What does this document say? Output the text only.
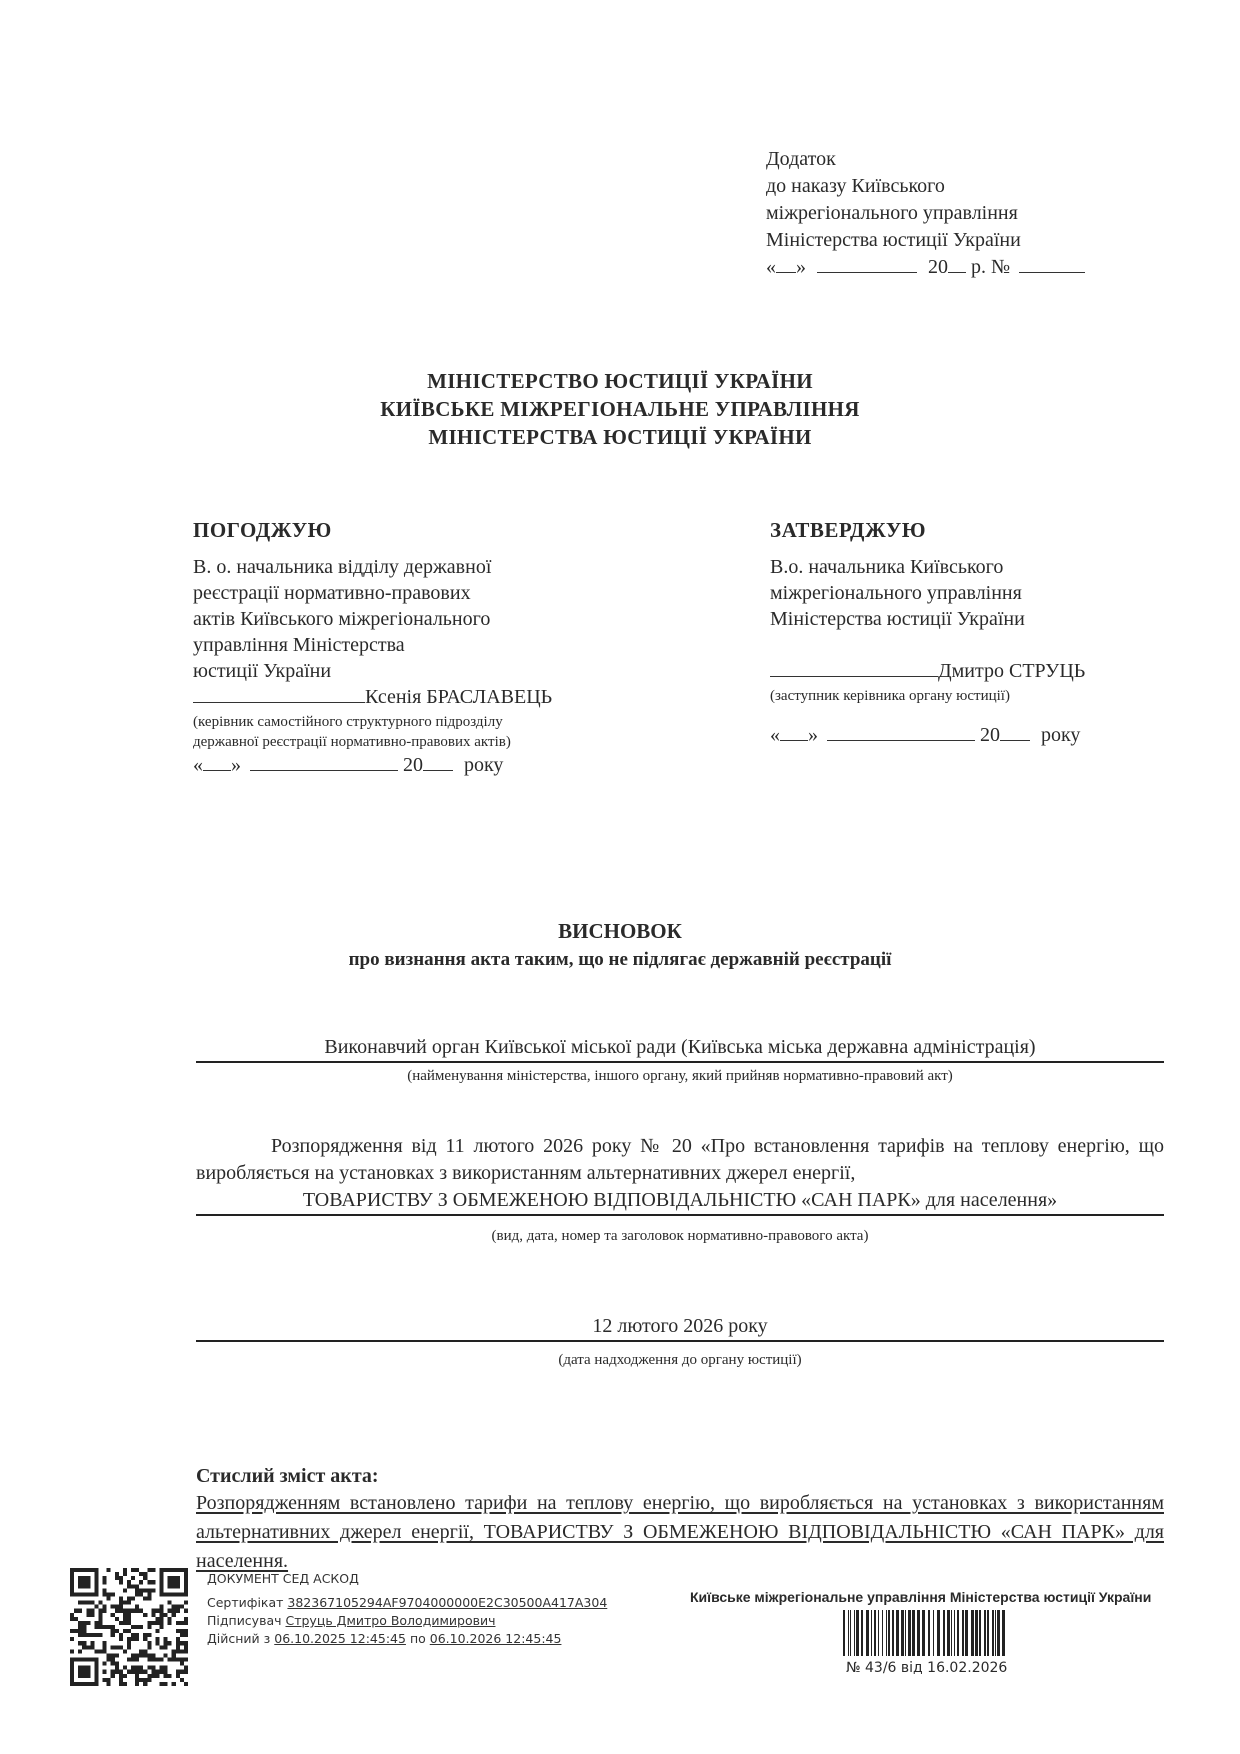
Додаток
до наказу Київського
міжрегіонального управління
Міністерства юстиції України
« »	20 р. №
МІНІСТЕРСТВО ЮСТИЦІЇ УКРАЇНИ
КИЇВСЬКЕ МІЖРЕГІОНАЛЬНЕ УПРАВЛІННЯ
МІНІСТЕРСТВА ЮСТИЦІЇ УКРАЇНИ
ПОГОДЖУЮ
В. о. начальника відділу державної
реєстрації нормативно-правових
актів Київського міжрегіонального
управління Міністерства
юстиції України
Ксенія БРАСЛАВЕЦЬ
(керівник самостійного структурного підрозділу
державної реєстрації нормативно-правових актів)
« »	20 року
ЗАТВЕРДЖУЮ
В.о. начальника Київського
міжрегіонального управління
Міністерства юстиції України
Дмитро СТРУЦЬ
(заступник керівника органу юстиції)
« »	20 року
ВИСНОВОК
про визнання акта таким, що не підлягає державній реєстрації
Виконавчий орган Київської міської ради (Київська міська державна адміністрація)
(найменування міністерства, іншого органу, який прийняв нормативно-правовий акт)
Розпорядження від 11 лютого 2026 року № 20 «Про встановлення тарифів на теплову енергію, що виробляється на установках з використанням альтернативних джерел енергії,
ТОВАРИСТВУ З ОБМЕЖЕНОЮ ВІДПОВІДАЛЬНІСТЮ «САН ПАРК» для населення»
(вид, дата, номер та заголовок нормативно-правового акта)
12 лютого 2026 року
(дата надходження до органу юстиції)
Стислий зміст акта:
Розпорядженням встановлено тарифи на теплову енергію, що виробляється на установках з використанням альтернативних джерел енергії, ТОВАРИСТВУ З ОБМЕЖЕНОЮ ВІДПОВІДАЛЬНІСТЮ «САН ПАРК» для населення.
ДОКУМЕНТ СЕД АСКОД
Сертифікат 382367105294AF9704000000E2C30500A417A304
Підписувач Струць Дмитро Володимирович
Дійсний з 06.10.2025 12:45:45 по 06.10.2026 12:45:45
Київське міжрегіональне управління Міністерства юстиції України
№ 43/6 від 16.02.2026
